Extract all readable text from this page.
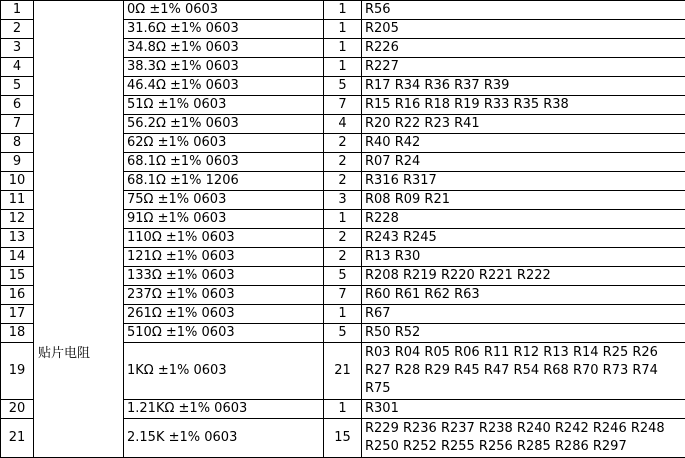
1	贴片电阻	0Ω ±1% 0603	1	R56
2		31.6Ω ±1% 0603	1	R205
3		34.8Ω ±1% 0603	1	R226
4		38.3Ω ±1% 0603	1	R227
5		46.4Ω ±1% 0603	5	R17 R34 R36 R37 R39
6		51Ω ±1% 0603	7	R15 R16 R18 R19 R33 R35 R38
7		56.2Ω ±1% 0603	4	R20 R22 R23 R41
8		62Ω ±1% 0603	2	R40 R42
9		68.1Ω ±1% 0603	2	R07 R24
10		68.1Ω ±1% 1206	2	R316 R317
11		75Ω ±1% 0603	3	R08 R09 R21
12		91Ω ±1% 0603	1	R228
13		110Ω ±1% 0603	2	R243 R245
14		121Ω ±1% 0603	2	R13 R30
15		133Ω ±1% 0603	5	R208 R219 R220 R221 R222
16		237Ω ±1% 0603	7	R60 R61 R62 R63
17		261Ω ±1% 0603	1	R67
18		510Ω ±1% 0603	5	R50 R52
19		1KΩ ±1% 0603	21	R03 R04 R05 R06 R11 R12 R13 R14 R25 R26 R27 R28 R29 R45 R47 R54 R68 R70 R73 R74 R75
20		1.21KΩ ±1% 0603	1	R301
21		2.15K ±1% 0603	15	R229 R236 R237 R238 R240 R242 R246 R248 R250 R252 R255 R256 R285 R286 R297
